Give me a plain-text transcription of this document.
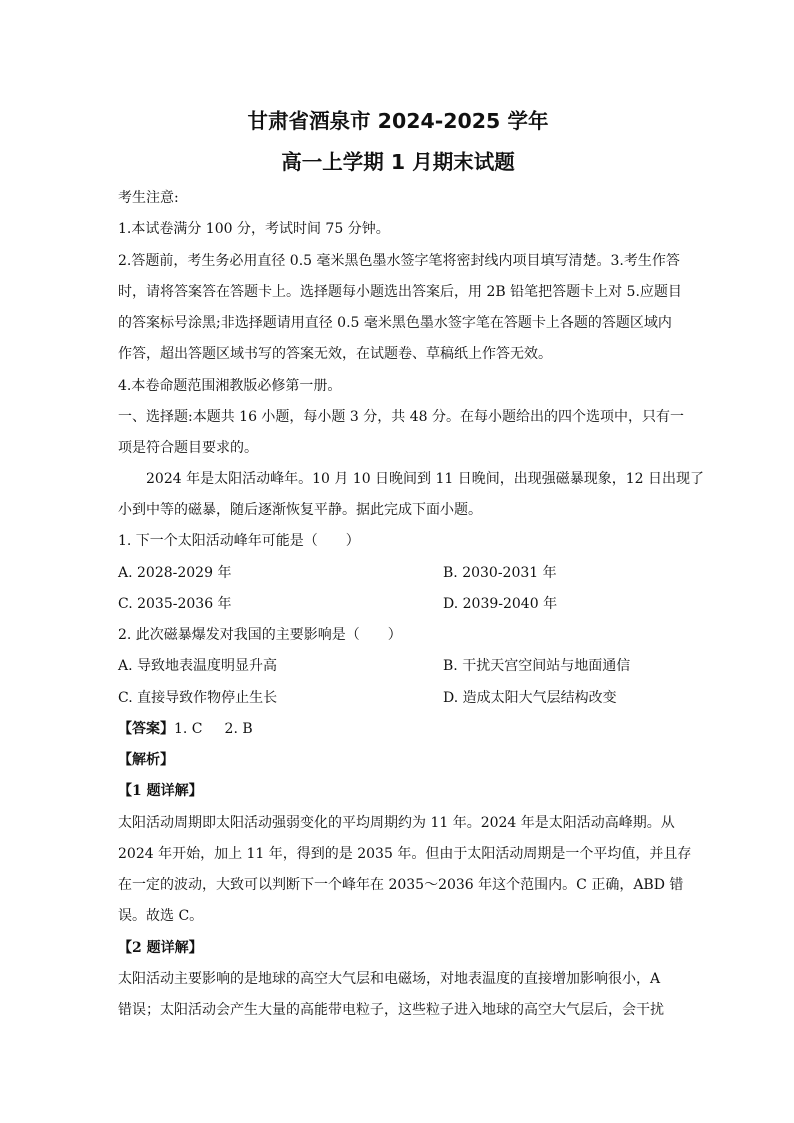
甘肃省酒泉市 2024-2025 学年
高一上学期 1 月期末试题
考生注意:
1.本试卷满分 100 分，考试时间 75 分钟。
2.答题前，考生务必用直径 0.5 毫米黑色墨水签字笔将密封线内项目填写清楚。3.考生作答
时，请将答案答在答题卡上。选择题每小题选出答案后，用 2B 铅笔把答题卡上对 5.应题目
的答案标号涂黑;非选择题请用直径 0.5 毫米黑色墨水签字笔在答题卡上各题的答题区域内
作答，超出答题区域书写的答案无效，在试题卷、草稿纸上作答无效。
4.本卷命题范围湘教版必修第一册。
一、选择题:本题共 16 小题，每小题 3 分，共 48 分。在每小题给出的四个选项中，只有一
项是符合题目要求的。
2024 年是太阳活动峰年。10 月 10 日晚间到 11 日晚间，出现强磁暴现象，12 日出现了
小到中等的磁暴，随后逐渐恢复平静。据此完成下面小题。
1. 下一个太阳活动峰年可能是（　　）
A. 2028-2029 年	B. 2030-2031 年
C. 2035-2036 年	D. 2039-2040 年
2. 此次磁暴爆发对我国的主要影响是（　　）
A. 导致地表温度明显升高	B. 干扰天宫空间站与地面通信
C. 直接导致作物停止生长	D. 造成太阳大气层结构改变
【答案】1. C 2. B
【解析】
【1 题详解】
太阳活动周期即太阳活动强弱变化的平均周期约为 11 年。2024 年是太阳活动高峰期。从
2024 年开始，加上 11 年，得到的是 2035 年。但由于太阳活动周期是一个平均值，并且存
在一定的波动，大致可以判断下一个峰年在 2035～2036 年这个范围内。C 正确，ABD 错
误。故选 C。
【2 题详解】
太阳活动主要影响的是地球的高空大气层和电磁场，对地表温度的直接增加影响很小，A
错误；太阳活动会产生大量的高能带电粒子，这些粒子进入地球的高空大气层后，会干扰
